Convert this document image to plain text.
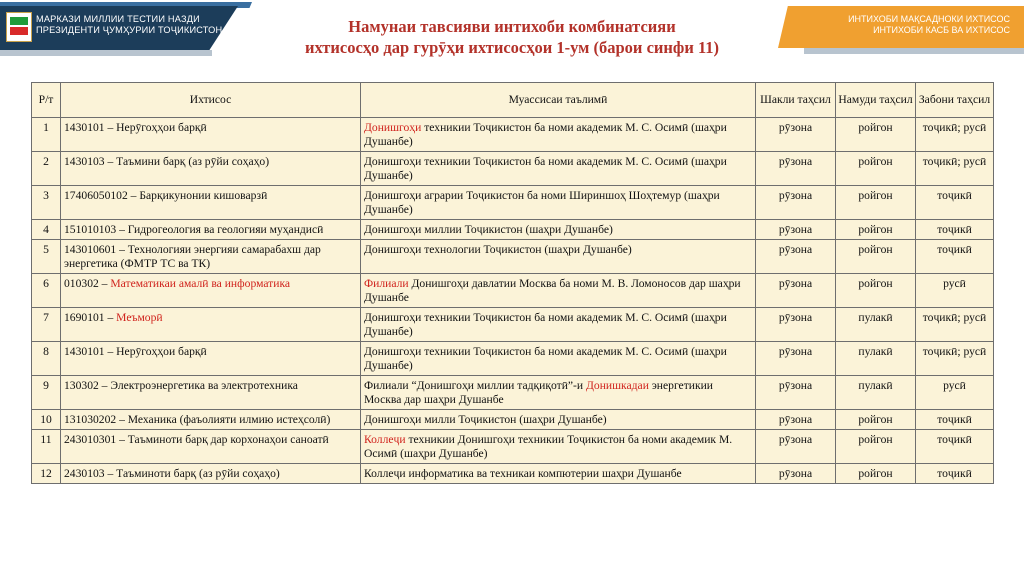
МАРКАЗИ МИЛЛИИ ТЕСТИИ НАЗДИ
ПРЕЗИДЕНТИ ҶУМҲУРИИ ТОҶИКИСТОН	Намунаи тавсияви интихоби комбинатсияи
ихтисосҳо дар гурӯҳи ихтисосҳои 1-ум (барои синфи 11)
ИНТИХОБИ МАҚСАДНОКИ ИХТИСОС
ИНТИХОБИ КАСБ ВА ИХТИСОС
Р/т	Ихтисос	Муассисаи таълимӣ	Шакли таҳсил	Намуди таҳсил	Забони таҳсил
1	1430101 – Нерӯгоҳҳои барқӣ	Донишгоҳи техникии Тоҷикистон ба номи академик М. С. Осимӣ (шаҳри Душанбе)	рӯзона	ройгон	тоҷикӣ; русӣ
2	1430103 – Таъмини барқ (аз рӯйи соҳаҳо)	Донишгоҳи техникии Тоҷикистон ба номи академик М. С. Осимӣ (шаҳри Душанбе)	рӯзона	ройгон	тоҷикӣ; русӣ
3	17406050102 – Барқикунонии кишоварзӣ	Донишгоҳи аграрии Тоҷикистон ба номи Шириншоҳ Шоҳтемур (шаҳри Душанбе)	рӯзона	ройгон	тоҷикӣ
4	151010103 – Гидрогеология ва геологияи муҳандисӣ	Донишгоҳи миллии Тоҷикистон (шаҳри Душанбе)	рӯзона	ройгон	тоҷикӣ
5	143010601 – Технологияи энергияи самарабахш дар энергетика (ФМТР ТС ва ТК)	Донишгоҳи технологии Тоҷикистон (шаҳри Душанбе)	рӯзона	ройгон	тоҷикӣ
6	010302 – Математикаи амалӣ ва информатика	Филиали Донишгоҳи давлатии Москва ба номи М. В. Ломоносов дар шаҳри Душанбе	рӯзона	ройгон	русӣ
7	1690101 – Меъморӣ	Донишгоҳи техникии Тоҷикистон ба номи академик М. С. Осимӣ (шаҳри Душанбе)	рӯзона	пулакӣ	тоҷикӣ; русӣ
8	1430101 – Нерӯгоҳҳои барқӣ	Донишгоҳи техникии Тоҷикистон ба номи академик М. С. Осимӣ (шаҳри Душанбе)	рӯзона	пулакӣ	тоҷикӣ; русӣ
9	130302 – Электроэнергетика ва электротехника	Филиали “Донишгоҳи миллии тадқиқотӣ”-и Донишкадаи энергетикии Москва дар шаҳри Душанбе	рӯзона	пулакӣ	русӣ
10	131030202 – Механика (фаъолияти илмию истеҳсолӣ)	Донишгоҳи милли Тоҷикистон (шаҳри Душанбе)	рӯзона	ройгон	тоҷикӣ
11	243010301 – Таъминоти барқ дар корхонаҳои саноатӣ	Коллеҷи техникии Донишгоҳи техникии Тоҷикистон ба номи академик М. Осимӣ (шаҳри Душанбе)	рӯзона	ройгон	тоҷикӣ
12	2430103 – Таъминоти барқ (аз рӯйи соҳаҳо)	Коллеҷи информатика ва техникаи компютерии шаҳри Душанбе	рӯзона	ройгон	тоҷикӣ
